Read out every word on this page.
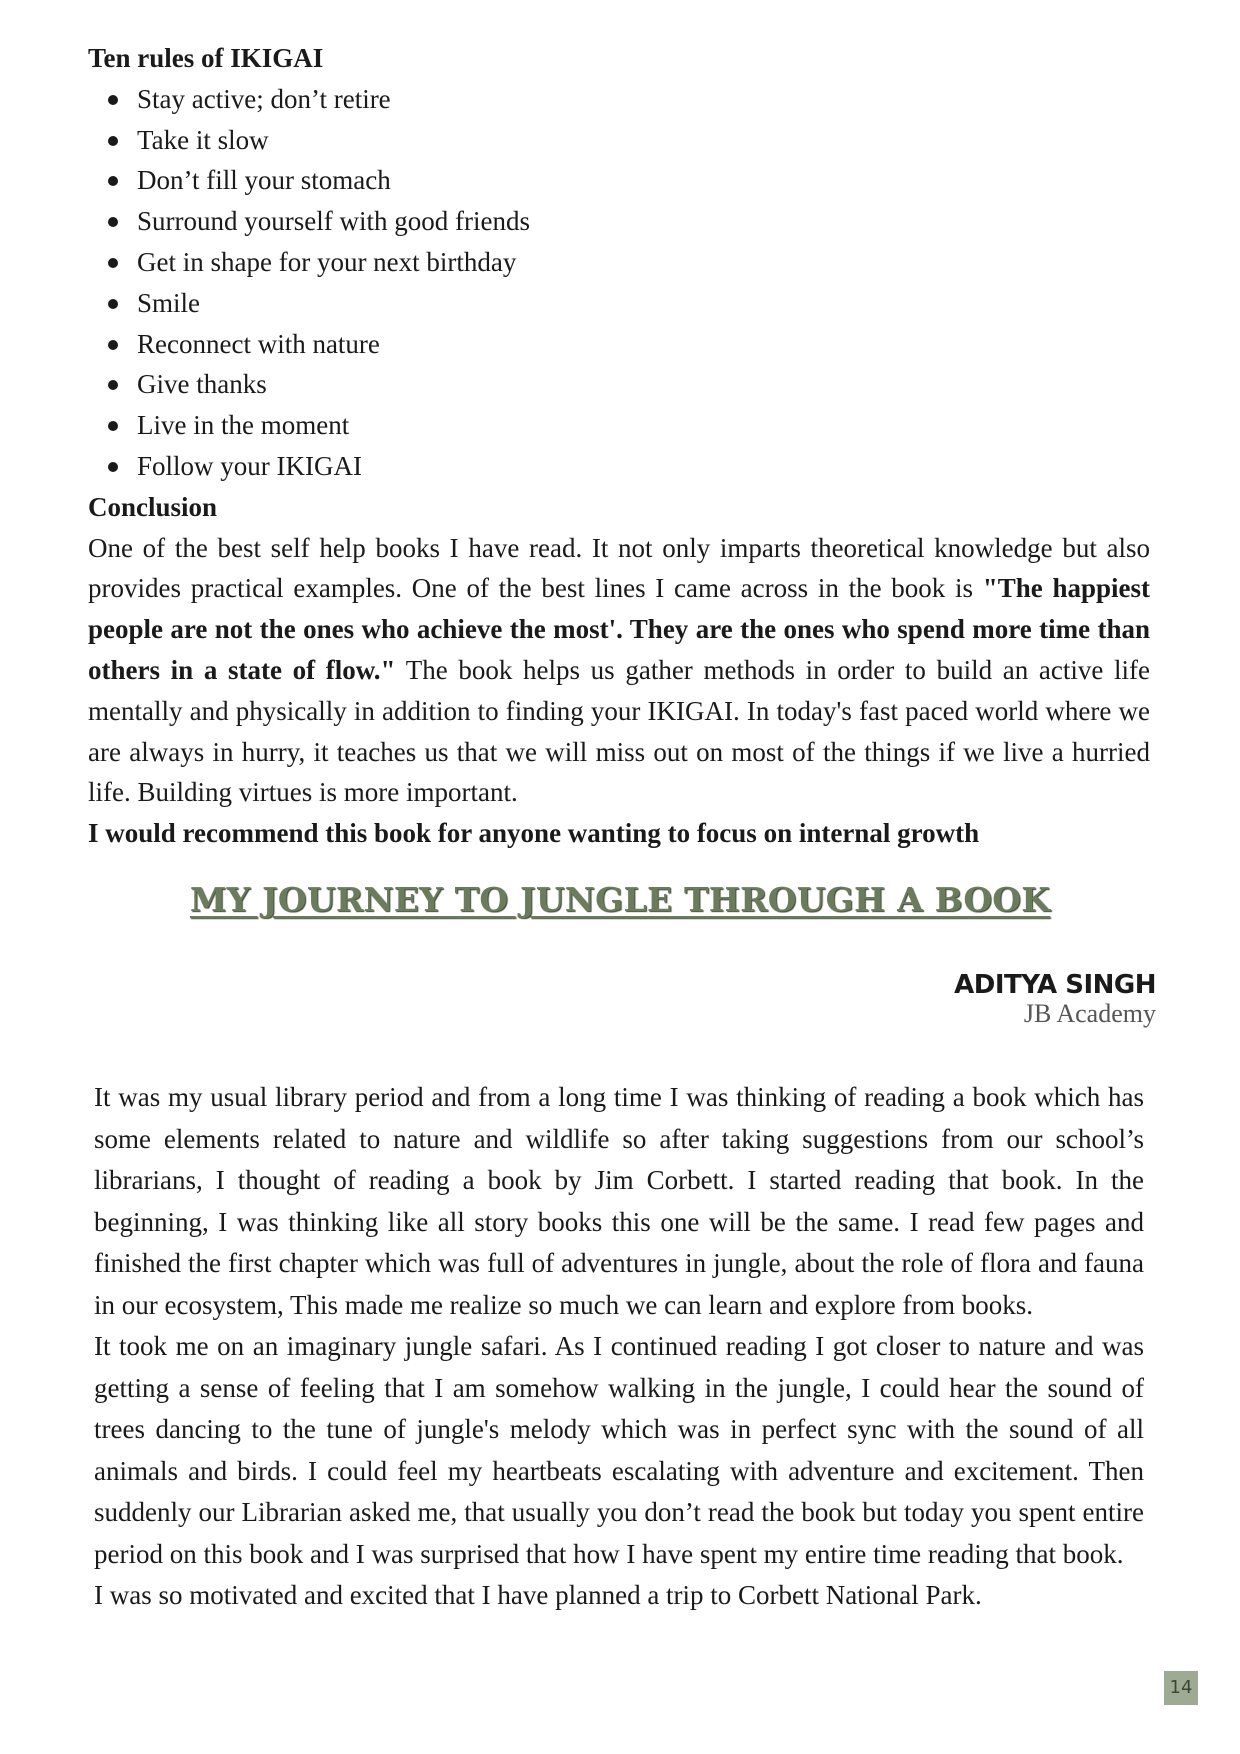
Ten rules of IKIGAI

Stay active; don’t retire
Take it slow
Don’t fill your stomach
Surround yourself with good friends
Get in shape for your next birthday
Smile
Reconnect with nature
Give thanks
Live in the moment
Follow your IKIGAI

Conclusion

One of the best self help books I have read. It not only imparts theoretical knowledge but also provides practical examples. One of the best lines I came across in the book is "The happiest people are not the ones who achieve the most'. They are the ones who spend more time than others in a state of flow." The book helps us gather methods in order to build an active life mentally and physically in addition to finding your IKIGAI. In today's fast paced world where we are always in hurry, it teaches us that we will miss out on most of the things if we live a hurried life. Building virtues is more important.

I would recommend this book for anyone wanting to focus on internal growth

MY JOURNEY TO JUNGLE THROUGH A BOOK
ADITYA SINGH
JB Academy

It was my usual library period and from a long time I was thinking of reading a book which has some elements related to nature and wildlife so after taking suggestions from our school’s librarians, I thought of reading a book by Jim Corbett. I started reading that book. In the beginning, I was thinking like all story books this one will be the same. I read few pages and finished the first chapter which was full of adventures in jungle, about the role of flora and fauna in our ecosystem, This made me realize so much we can learn and explore from books.

It took me on an imaginary jungle safari. As I continued reading I got closer to nature and was getting a sense of feeling that I am somehow walking in the jungle, I could hear the sound of trees dancing to the tune of jungle's melody which was in perfect sync with the sound of all animals and birds. I could feel my heartbeats escalating with adventure and excitement. Then suddenly our Librarian asked me, that usually you don’t read the book but today you spent entire period on this book and I was surprised that how I have spent my entire time reading that book.

I was so motivated and excited that I have planned a trip to Corbett National Park.

14
